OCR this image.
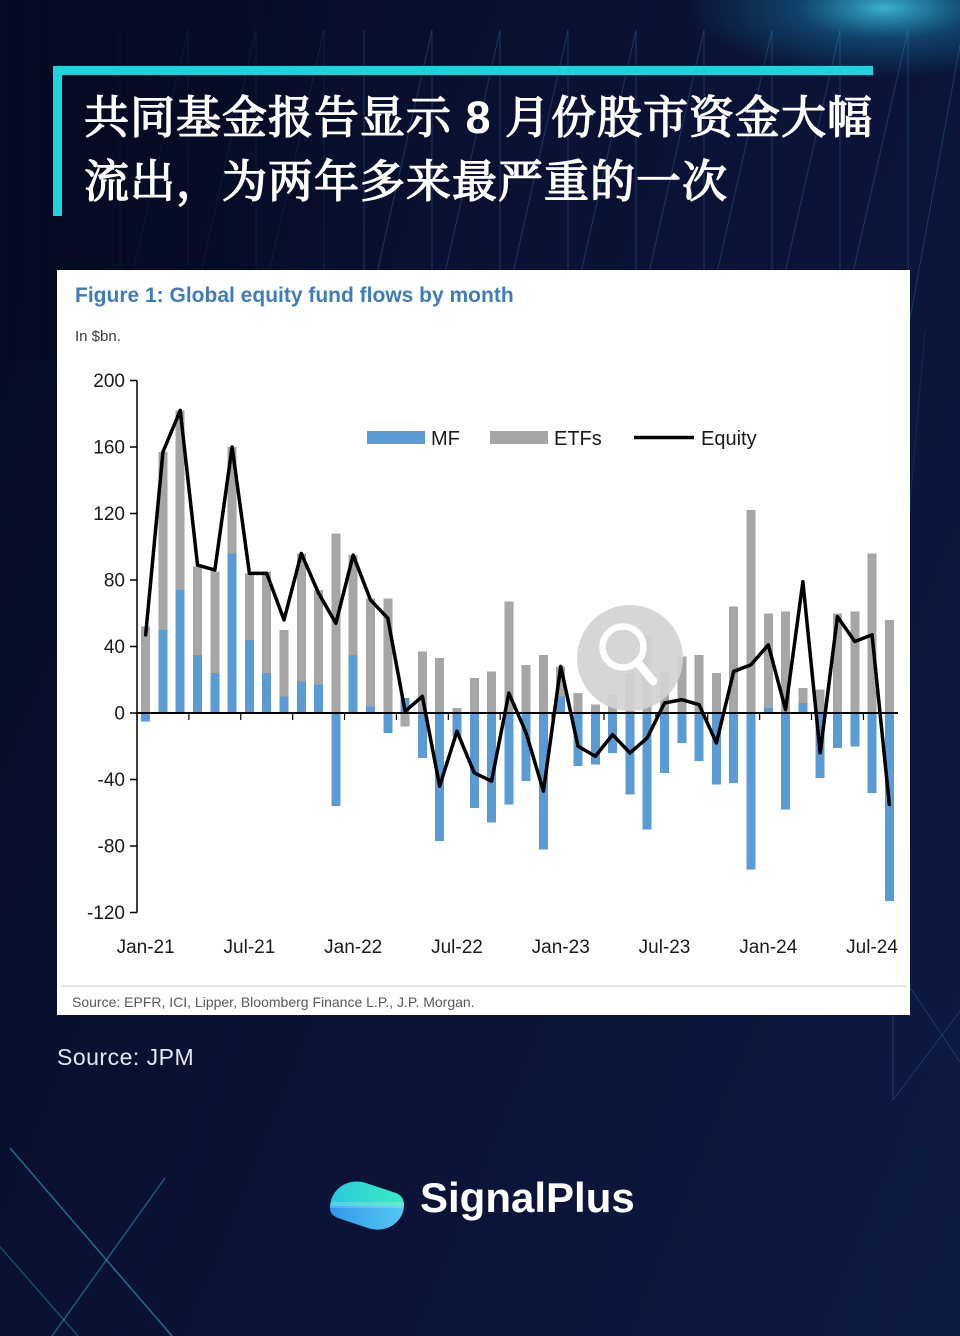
共同基金报告显示 8 月份股市资金大幅
流出，为两年多来最严重的一次
Figure 1: Global equity fund flows by month
In $bn.
MF	ETFs	Equity
-120
-80
-40
0
40
80
120
160
200
Jan-21	Jul-21	Jan-22	Jul-22	Jan-23	Jul-23	Jan-24	Jul-24
Source: EPFR, ICI, Lipper, Bloomberg Finance L.P., J.P. Morgan.
Source: JPM
SignalPlus
